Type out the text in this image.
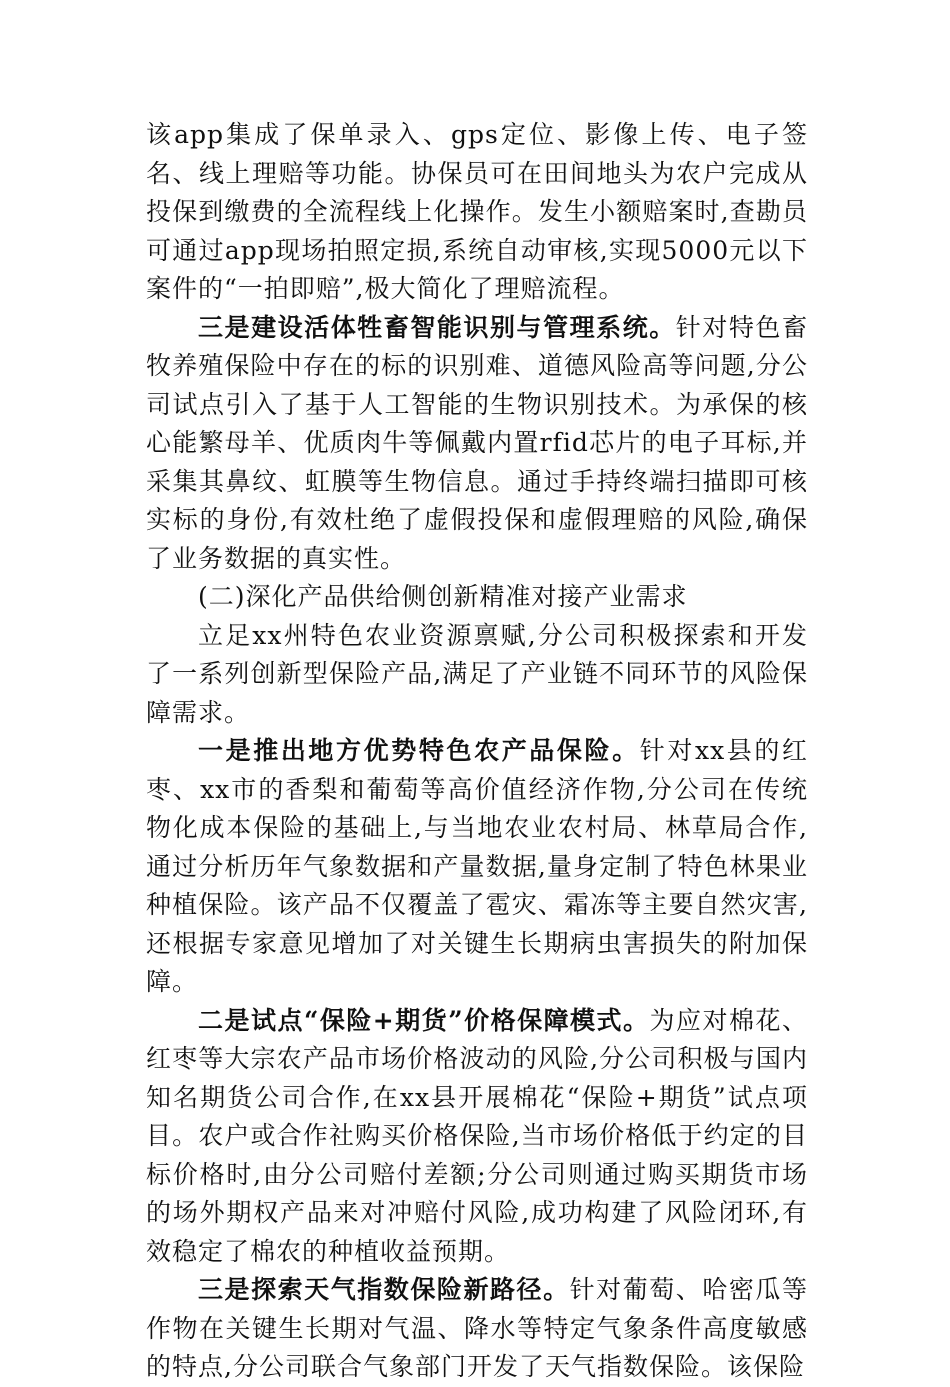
该app集成了保单录入、gps定位、影像上传、电子签名、线上理赔等功能。协保员可在田间地头为农户完成从投保到缴费的全流程线上化操作。发生小额赔案时,查勘员可通过app现场拍照定损,系统自动审核,实现5000元以下案件的“一拍即赔”,极大简化了理赔流程。

三是建设活体牲畜智能识别与管理系统。针对特色畜牧养殖保险中存在的标的识别难、道德风险高等问题,分公司试点引入了基于人工智能的生物识别技术。为承保的核心能繁母羊、优质肉牛等佩戴内置rfid芯片的电子耳标,并采集其鼻纹、虹膜等生物信息。通过手持终端扫描即可核实标的身份,有效杜绝了虚假投保和虚假理赔的风险,确保了业务数据的真实性。

(二)深化产品供给侧创新精准对接产业需求

立足xx州特色农业资源禀赋,分公司积极探索和开发了一系列创新型保险产品,满足了产业链不同环节的风险保障需求。

一是推出地方优势特色农产品保险。针对xx县的红枣、xx市的香梨和葡萄等高价值经济作物,分公司在传统物化成本保险的基础上,与当地农业农村局、林草局合作,通过分析历年气象数据和产量数据,量身定制了特色林果业种植保险。该产品不仅覆盖了雹灾、霜冻等主要自然灾害,还根据专家意见增加了对关键生长期病虫害损失的附加保障。

二是试点“保险+期货”价格保障模式。为应对棉花、红枣等大宗农产品市场价格波动的风险,分公司积极与国内知名期货公司合作,在xx县开展棉花“保险+期货”试点项目。农户或合作社购买价格保险,当市场价格低于约定的目标价格时,由分公司赔付差额;分公司则通过购买期货市场的场外期权产品来对冲赔付风险,成功构建了风险闭环,有效稳定了棉农的种植收益预期。

三是探索天气指数保险新路径。针对葡萄、哈密瓜等作物在关键生长期对气温、降水等特定气象条件高度敏感的特点,分公司联合气象部门开发了天气指数保险。该保险
